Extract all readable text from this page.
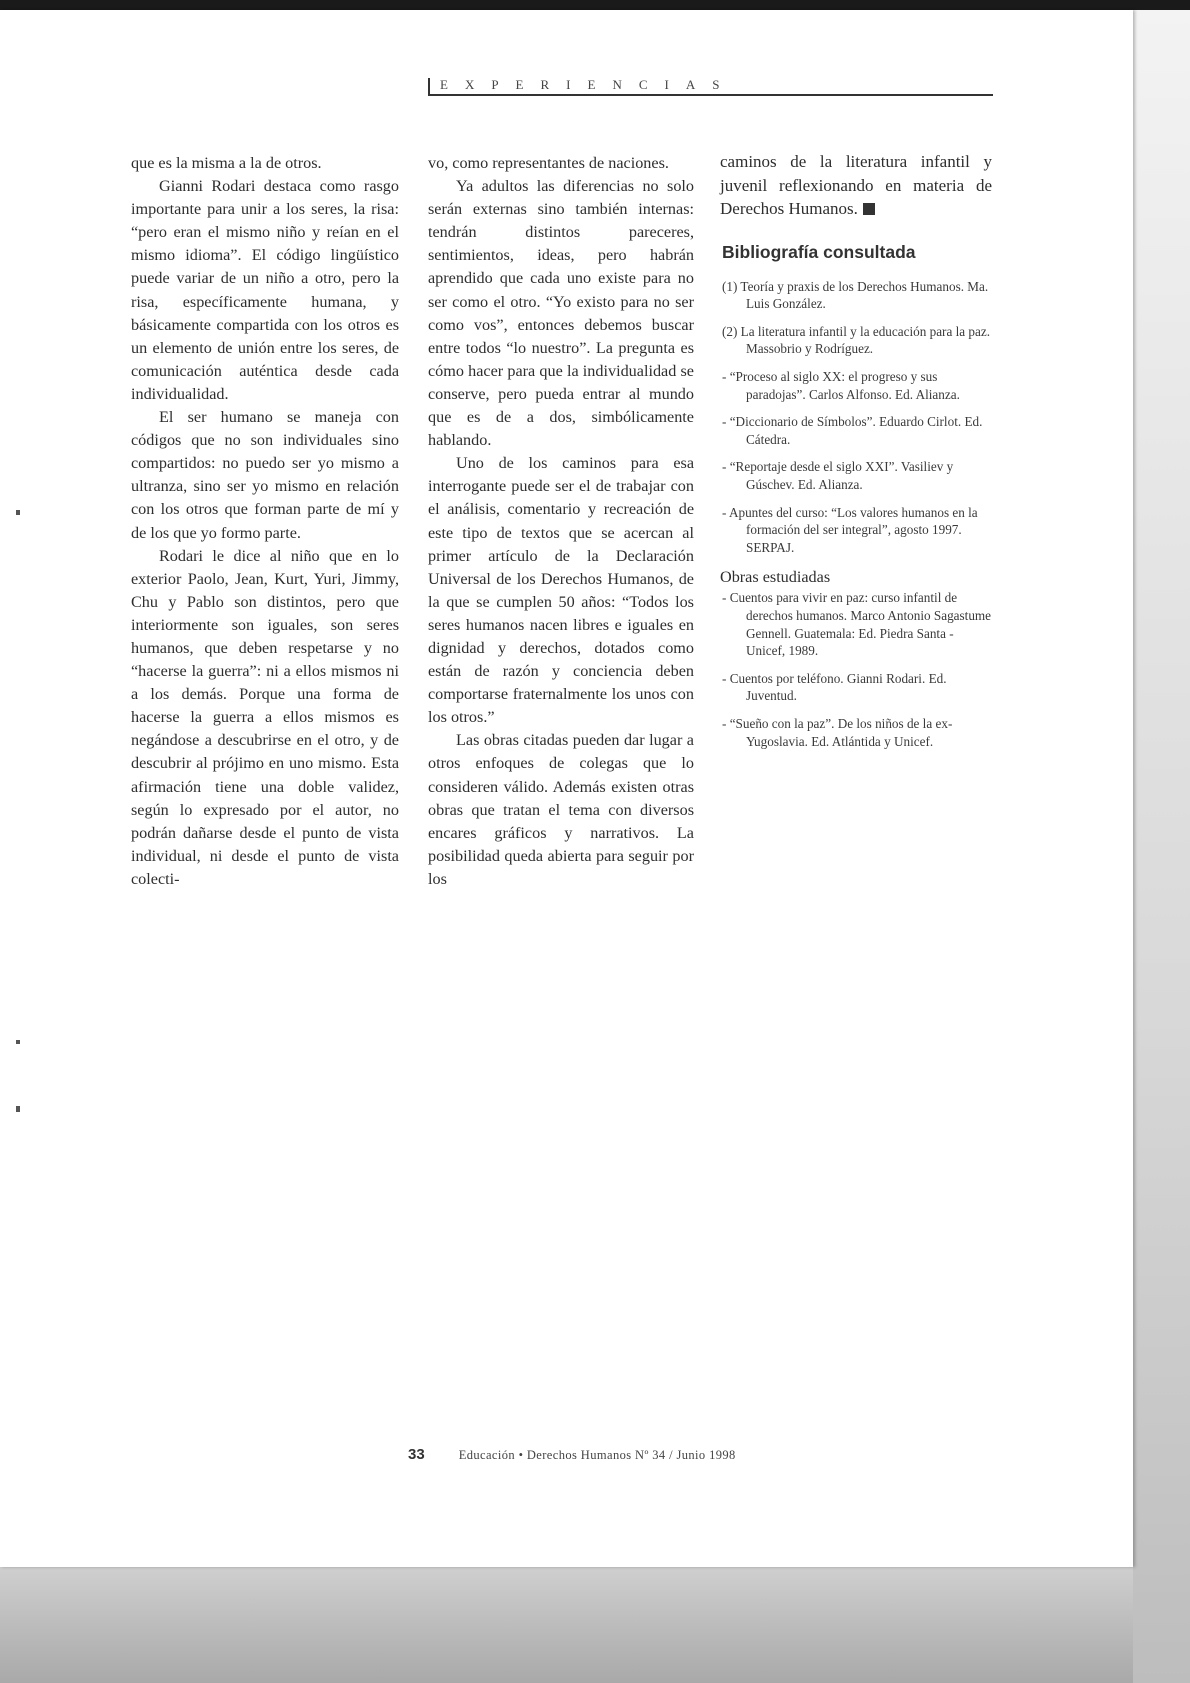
EXPERIENCIAS

que es la misma a la de otros.

Gianni Rodari destaca como rasgo importante para unir a los seres, la risa: “pero eran el mismo niño y reían en el mismo idioma”. El código lingüístico puede variar de un niño a otro, pero la risa, específicamente humana, y básicamente compartida con los otros es un elemento de unión entre los seres, de comunicación auténtica desde cada individualidad.

El ser humano se maneja con códigos que no son individuales sino compartidos: no puedo ser yo mismo a ultranza, sino ser yo mismo en relación con los otros que forman parte de mí y de los que yo formo parte.

Rodari le dice al niño que en lo exterior Paolo, Jean, Kurt, Yuri, Jimmy, Chu y Pablo son distintos, pero que interiormente son iguales, son seres humanos, que deben respetarse y no “hacerse la guerra”: ni a ellos mismos ni a los demás. Porque una forma de hacerse la guerra a ellos mismos es negándose a descubrirse en el otro, y de descubrir al prójimo en uno mismo. Esta afirmación tiene una doble validez, según lo expresado por el autor, no podrán dañarse desde el punto de vista individual, ni desde el punto de vista colecti-

vo, como representantes de naciones.

Ya adultos las diferencias no solo serán externas sino también internas: tendrán distintos pareceres, sentimientos, ideas, pero habrán aprendido que cada uno existe para no ser como el otro. “Yo existo para no ser como vos”, entonces debemos buscar entre todos “lo nuestro”. La pregunta es cómo hacer para que la individualidad se conserve, pero pueda entrar al mundo que es de a dos, simbólicamente hablando.

Uno de los caminos para esa interrogante puede ser el de trabajar con el análisis, comentario y recreación de este tipo de textos que se acercan al primer artículo de la Declaración Universal de los Derechos Humanos, de la que se cumplen 50 años: “Todos los seres humanos nacen libres e iguales en dignidad y derechos, dotados como están de razón y conciencia deben comportarse fraternalmente los unos con los otros.”

Las obras citadas pueden dar lugar a otros enfoques de colegas que lo consideren válido. Además existen otras obras que tratan el tema con diversos encares gráficos y narrativos. La posibilidad queda abierta para seguir por los

caminos de la literatura infantil y juvenil reflexionando en materia de Derechos Humanos.

Bibliografía consultada
(1) Teoría y praxis de los Derechos Humanos. Ma. Luis González.
(2) La literatura infantil y la educación para la paz. Massobrio y Rodríguez.
- “Proceso al siglo XX: el progreso y sus paradojas”. Carlos Alfonso. Ed. Alianza.
- “Diccionario de Símbolos”. Eduardo Cirlot. Ed. Cátedra.
- “Reportaje desde el siglo XXI”. Vasiliev y Gúschev. Ed. Alianza.
- Apuntes del curso: “Los valores humanos en la formación del ser integral”, agosto 1997. SERPAJ.
Obras estudiadas
- Cuentos para vivir en paz: curso infantil de derechos humanos. Marco Antonio Sagastume Gennell. Guatemala: Ed. Piedra Santa - Unicef, 1989.
- Cuentos por teléfono. Gianni Rodari. Ed. Juventud.
- “Sueño con la paz”. De los niños de la ex-Yugoslavia. Ed. Atlántida y Unicef.
33	Educación • Derechos Humanos Nº 34 / Junio 1998
